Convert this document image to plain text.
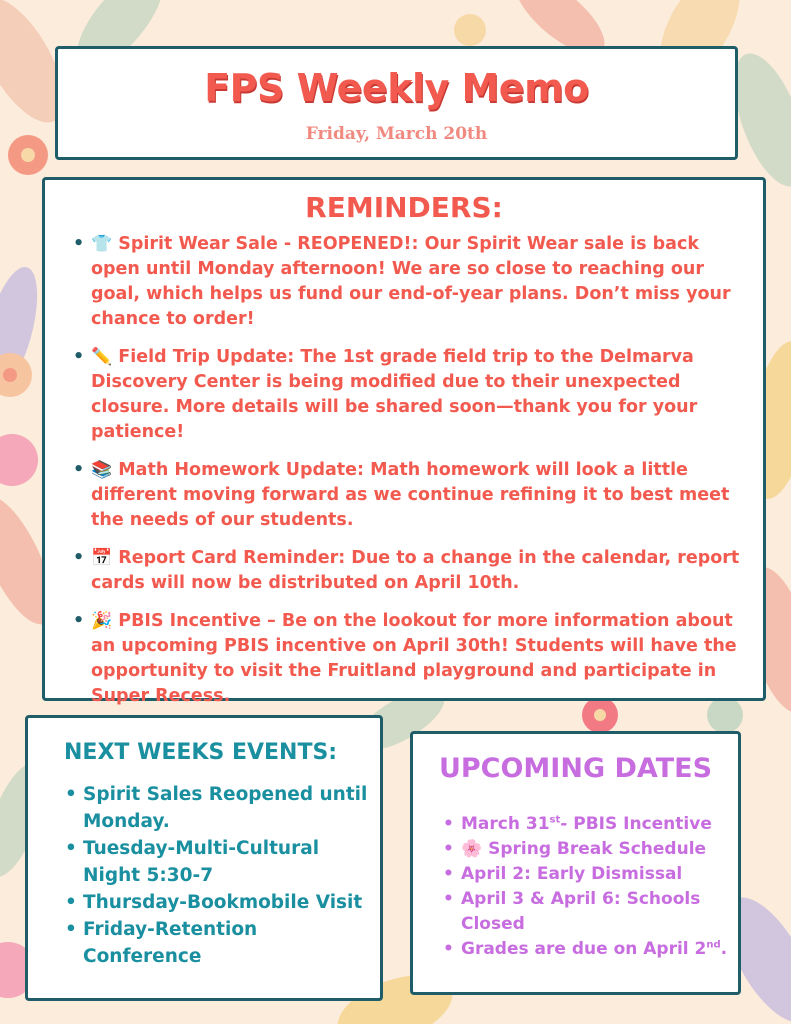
FPS Weekly Memo
Friday, March 20th
REMINDERS:
• 👕 Spirit Wear Sale - REOPENED!: Our Spirit Wear sale is back open until Monday afternoon! We are so close to reaching our goal, which helps us fund our end-of-year plans. Don’t miss your chance to order!
• ✏️ Field Trip Update: The 1st grade field trip to the Delmarva Discovery Center is being modified due to their unexpected closure. More details will be shared soon—thank you for your patience!
• 📚 Math Homework Update: Math homework will look a little different moving forward as we continue refining it to best meet the needs of our students.
• 📅 Report Card Reminder: Due to a change in the calendar, report cards will now be distributed on April 10th.
• 🎉 PBIS Incentive – Be on the lookout for more information about an upcoming PBIS incentive on April 30th! Students will have the opportunity to visit the Fruitland playground and participate in Super Recess.
NEXT WEEKS EVENTS:
• Spirit Sales Reopened until Monday.
• Tuesday-Multi-Cultural Night 5:30-7
• Thursday-Bookmobile Visit
• Friday-Retention Conference
UPCOMING DATES
• March 31st- PBIS Incentive
• 🌸 Spring Break Schedule
• April 2: Early Dismissal
• April 3 & April 6: Schools Closed
• Grades are due on April 2nd.
